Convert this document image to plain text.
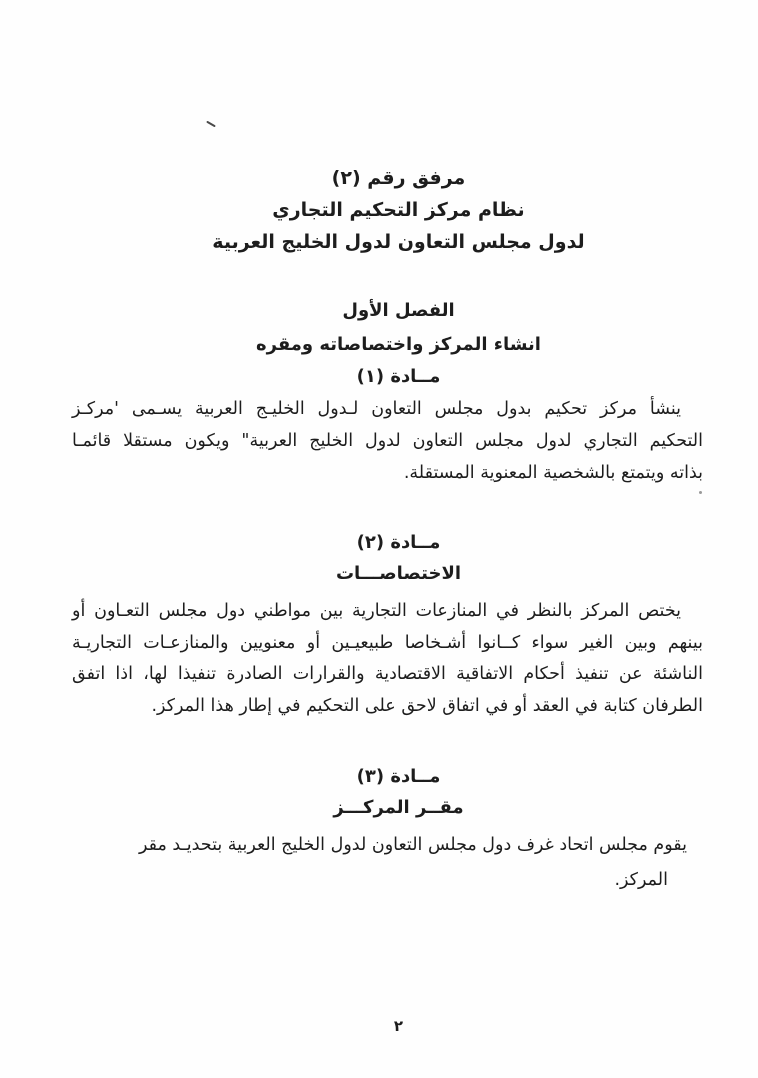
مرفق رقم (٢)
نظام مركز التحكيم التجاري
لدول مجلس التعاون لدول الخليج العربية
الفصل الأول
انشاء المركز واختصاصاته ومقره
مــادة (١)
ينشأ مركز تحكيم بدول مجلس التعاون لـدول الخليـج العربية يسـمى 'مركـز
التحكيم التجاري لدول مجلس التعاون لدول الخليج العربية" ويكون مستقلا قائمـا
بذاته ويتمتع بالشخصية المعنوية المستقلة.
مــادة (٢)
الاختصاصـــات
يختص المركز بالنظر في المنازعات التجارية بين مواطني دول مجلس التعـاون أو
بينهم وبين الغير سواء كــانوا أشـخاصا طبيعيـين أو معنويين والمنازعـات التجاريـة
الناشئة عن تنفيذ أحكام الاتفاقية الاقتصادية والقرارات الصادرة تنفيذا لها، اذا اتفق
الطرفان كتابة في العقد أو في اتفاق لاحق على التحكيم في إطار هذا المركز.
مــادة (٣)
مقــر المركـــز
يقوم مجلس اتحاد غرف دول مجلس التعاون لدول الخليج العربية بتحديـد مقر
المركز.
٢
